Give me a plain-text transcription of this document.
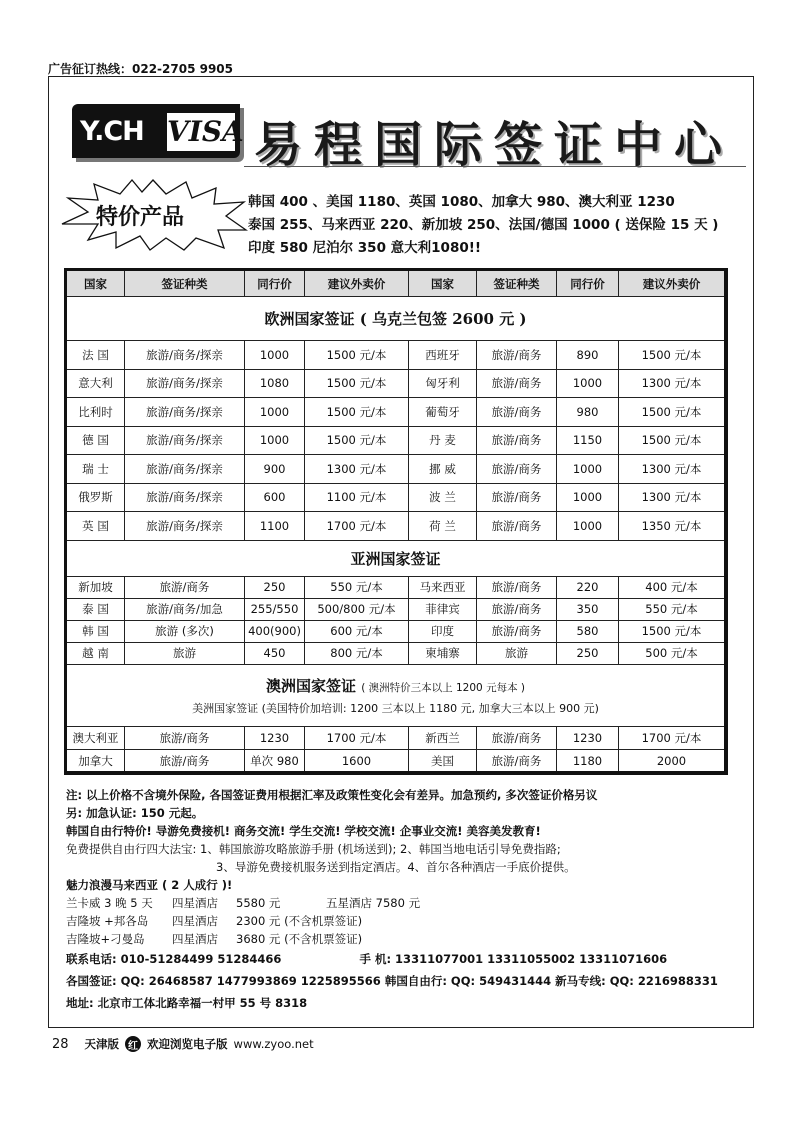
广告征订热线：022-2705 9905
Y.CH VISA 易程国际签证中心
特价产品
韩国 400 、美国 1180、英国 1080、加拿大 980、澳大利亚 1230
泰国 255、马来西亚 220、新加坡 250、法国/德国 1000 ( 送保险 15 天 )
印度 580 尼泊尔 350 意大利1080!!
国家	签证种类	同行价	建议外卖价	国家	签证种类	同行价	建议外卖价
欧洲国家签证 ( 乌克兰包签 2600 元 )
法 国	旅游/商务/探亲	1000	1500 元/本	西班牙	旅游/商务	890	1500 元/本
意大利	旅游/商务/探亲	1080	1500 元/本	匈牙利	旅游/商务	1000	1300 元/本
比利时	旅游/商务/探亲	1000	1500 元/本	葡萄牙	旅游/商务	980	1500 元/本
德 国	旅游/商务/探亲	1000	1500 元/本	丹 麦	旅游/商务	1150	1500 元/本
瑞 士	旅游/商务/探亲	900	1300 元/本	挪 威	旅游/商务	1000	1300 元/本
俄罗斯	旅游/商务/探亲	600	1100 元/本	波 兰	旅游/商务	1000	1300 元/本
英 国	旅游/商务/探亲	1100	1700 元/本	荷 兰	旅游/商务	1000	1350 元/本
亚洲国家签证
新加坡	旅游/商务	250	550 元/本	马来西亚	旅游/商务	220	400 元/本
泰 国	旅游/商务/加急	255/550	500/800 元/本	菲律宾	旅游/商务	350	550 元/本
韩 国	旅游 (多次)	400(900)	600 元/本	印度	旅游/商务	580	1500 元/本
越 南	旅游	450	800 元/本	柬埔寨	旅游	250	500 元/本
澳洲国家签证 ( 澳洲特价三本以上 1200 元每本 )
美洲国家签证 (美国特价加培训: 1200 三本以上 1180 元, 加拿大三本以上 900 元)
澳大利亚	旅游/商务	1230	1700 元/本	新西兰	旅游/商务	1230	1700 元/本
加拿大	旅游/商务	单次 980	1600	美国	旅游/商务	1180	2000
注: 以上价格不含境外保险, 各国签证费用根据汇率及政策性变化会有差异。加急预约, 多次签证价格另议
另: 加急认证: 150 元起。
韩国自由行特价! 导游免费接机! 商务交流! 学生交流! 学校交流! 企事业交流! 美容美发教育!
免费提供自由行四大法宝: 1、韩国旅游攻略旅游手册 (机场送到); 2、韩国当地电话引导免费指路;
3、导游免费接机服务送到指定酒店。4、首尔各种酒店一手底价提供。
魅力浪漫马来西亚 ( 2 人成行 )!
兰卡威 3 晚 5 天	四星酒店	5580 元	五星酒店 7580 元
吉隆坡 +邦各岛	四星酒店	2300 元 (不含机票签证)
吉隆坡+刁曼岛	四星酒店	3680 元 (不含机票签证)
联系电话: 010-51284499 51284466	手 机: 13311077001 13311055002 13311071606
各国签证: QQ: 26468587 1477993869 1225895566 韩国自由行: QQ: 549431444 新马专线: QQ: 2216988331
地址: 北京市工体北路幸福一村甲 55 号 8318
28 天津版 红 欢迎浏览电子版 www.zyoo.net
